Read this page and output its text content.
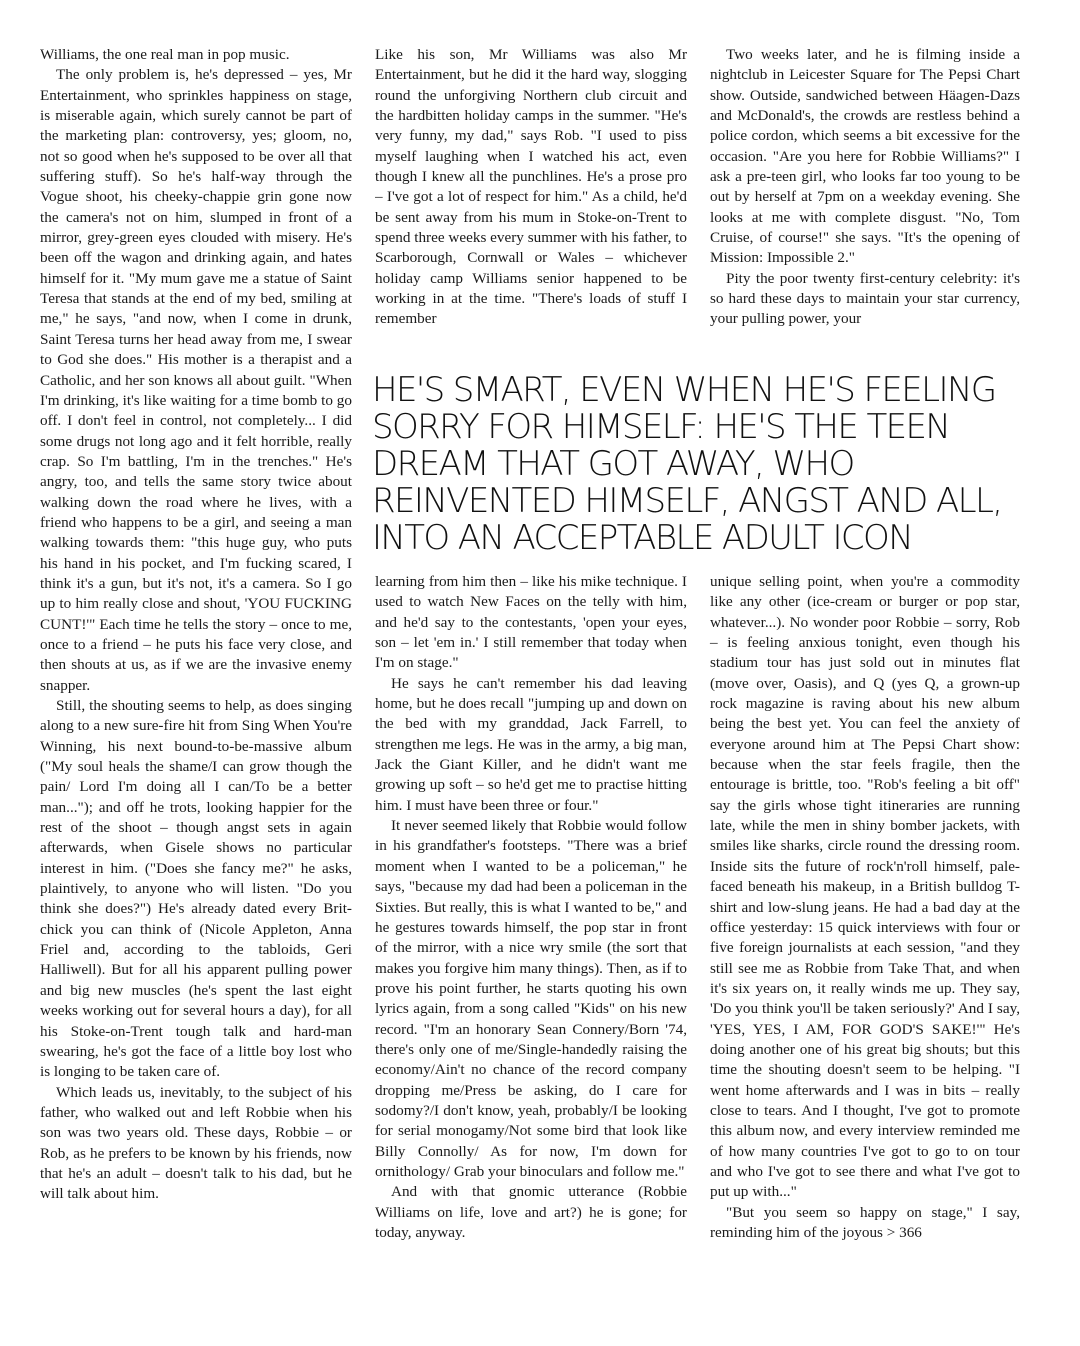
Williams, the one real man in pop music.

The only problem is, he's depressed – yes, Mr Entertainment, who sprinkles happiness on stage, is miserable again, which surely cannot be part of the marketing plan: controversy, yes; gloom, no, not so good when he's supposed to be over all that suffering stuff). So he's half-way through the Vogue shoot, his cheeky-chappie grin gone now the camera's not on him, slumped in front of a mirror, grey-green eyes clouded with misery. He's been off the wagon and drinking again, and hates himself for it. "My mum gave me a statue of Saint Teresa that stands at the end of my bed, smiling at me," he says, "and now, when I come in drunk, Saint Teresa turns her head away from me, I swear to God she does." His mother is a therapist and a Catholic, and her son knows all about guilt. "When I'm drinking, it's like waiting for a time bomb to go off. I don't feel in control, not completely... I did some drugs not long ago and it felt horrible, really crap. So I'm battling, I'm in the trenches." He's angry, too, and tells the same story twice about walking down the road where he lives, with a friend who happens to be a girl, and seeing a man walking towards them: "this huge guy, who puts his hand in his pocket, and I'm fucking scared, I think it's a gun, but it's not, it's a camera. So I go up to him really close and shout, 'YOU FUCKING CUNT!'" Each time he tells the story – once to me, once to a friend – he puts his face very close, and then shouts at us, as if we are the invasive enemy snapper.

Still, the shouting seems to help, as does singing along to a new sure-fire hit from Sing When You're Winning, his next bound-to-be-massive album ("My soul heals the shame/I can grow though the pain/ Lord I'm doing all I can/To be a better man..."); and off he trots, looking happier for the rest of the shoot – though angst sets in again afterwards, when Gisele shows no particular interest in him. ("Does she fancy me?" he asks, plaintively, to anyone who will listen. "Do you think she does?") He's already dated every Brit-chick you can think of (Nicole Appleton, Anna Friel and, according to the tabloids, Geri Halliwell). But for all his apparent pulling power and big new muscles (he's spent the last eight weeks working out for several hours a day), for all his Stoke-on-Trent tough talk and hard-man swearing, he's got the face of a little boy lost who is longing to be taken care of.

Which leads us, inevitably, to the subject of his father, who walked out and left Robbie when his son was two years old. These days, Robbie – or Rob, as he prefers to be known by his friends, now that he's an adult – doesn't talk to his dad, but he will talk about him.

Like his son, Mr Williams was also Mr Entertainment, but he did it the hard way, slogging round the unforgiving Northern club circuit and the hardbitten holiday camps in the summer. "He's very funny, my dad," says Rob. "I used to piss myself laughing when I watched his act, even though I knew all the punchlines. He's a prose pro – I've got a lot of respect for him." As a child, he'd be sent away from his mum in Stoke-on-Trent to spend three weeks every summer with his father, to Scarborough, Cornwall or Wales – whichever holiday camp Williams senior happened to be working in at the time. "There's loads of stuff I remember

Two weeks later, and he is filming inside a nightclub in Leicester Square for The Pepsi Chart show. Outside, sandwiched between Häagen-Dazs and McDonald's, the crowds are restless behind a police cordon, which seems a bit excessive for the occasion. "Are you here for Robbie Williams?" I ask a pre-teen girl, who looks far too young to be out by herself at 7pm on a weekday evening. She looks at me with complete disgust. "No, Tom Cruise, of course!" she says. "It's the opening of Mission: Impossible 2."

Pity the poor twenty first-century celebrity: it's so hard these days to maintain your star currency, your pulling power, your

HE'S SMART, EVEN WHEN HE'S FEELING SORRY FOR HIMSELF: HE'S THE TEEN DREAM THAT GOT AWAY, WHO REINVENTED HIMSELF, ANGST AND ALL, INTO AN ACCEPTABLE ADULT ICON

learning from him then – like his mike technique. I used to watch New Faces on the telly with him, and he'd say to the contestants, 'open your eyes, son – let 'em in.' I still remember that today when I'm on stage."

He says he can't remember his dad leaving home, but he does recall "jumping up and down on the bed with my granddad, Jack Farrell, to strengthen me legs. He was in the army, a big man, Jack the Giant Killer, and he didn't want me growing up soft – so he'd get me to practise hitting him. I must have been three or four."

It never seemed likely that Robbie would follow in his grandfather's footsteps. "There was a brief moment when I wanted to be a policeman," he says, "because my dad had been a policeman in the Sixties. But really, this is what I wanted to be," and he gestures towards himself, the pop star in front of the mirror, with a nice wry smile (the sort that makes you forgive him many things). Then, as if to prove his point further, he starts quoting his own lyrics again, from a song called "Kids" on his new record. "I'm an honorary Sean Connery/Born '74, there's only one of me/Single-handedly raising the economy/Ain't no chance of the record company dropping me/Press be asking, do I care for sodomy?/I don't know, yeah, probably/I be looking for serial monogamy/Not some bird that look like Billy Connolly/ As for now, I'm down for ornithology/ Grab your binoculars and follow me."

And with that gnomic utterance (Robbie Williams on life, love and art?) he is gone; for today, anyway.

unique selling point, when you're a commodity like any other (ice-cream or burger or pop star, whatever...). No wonder poor Robbie – sorry, Rob – is feeling anxious tonight, even though his stadium tour has just sold out in minutes flat (move over, Oasis), and Q (yes Q, a grown-up rock magazine is raving about his new album being the best yet. You can feel the anxiety of everyone around him at The Pepsi Chart show: because when the star feels fragile, then the entourage is brittle, too. "Rob's feeling a bit off" say the girls whose tight itineraries are running late, while the men in shiny bomber jackets, with smiles like sharks, circle round the dressing room. Inside sits the future of rock'n'roll himself, pale-faced beneath his makeup, in a British bulldog T-shirt and low-slung jeans. He had a bad day at the office yesterday: 15 quick interviews with four or five foreign journalists at each session, "and they still see me as Robbie from Take That, and when it's six years on, it really winds me up. They say, 'Do you think you'll be taken seriously?' And I say, 'YES, YES, I AM, FOR GOD'S SAKE!'" He's doing another one of his great big shouts; but this time the shouting doesn't seem to be helping. "I went home afterwards and I was in bits – really close to tears. And I thought, I've got to promote this album now, and every interview reminded me of how many countries I've got to go to on tour and who I've got to see there and what I've got to put up with..."

"But you seem so happy on stage," I say, reminding him of the joyous > 366
